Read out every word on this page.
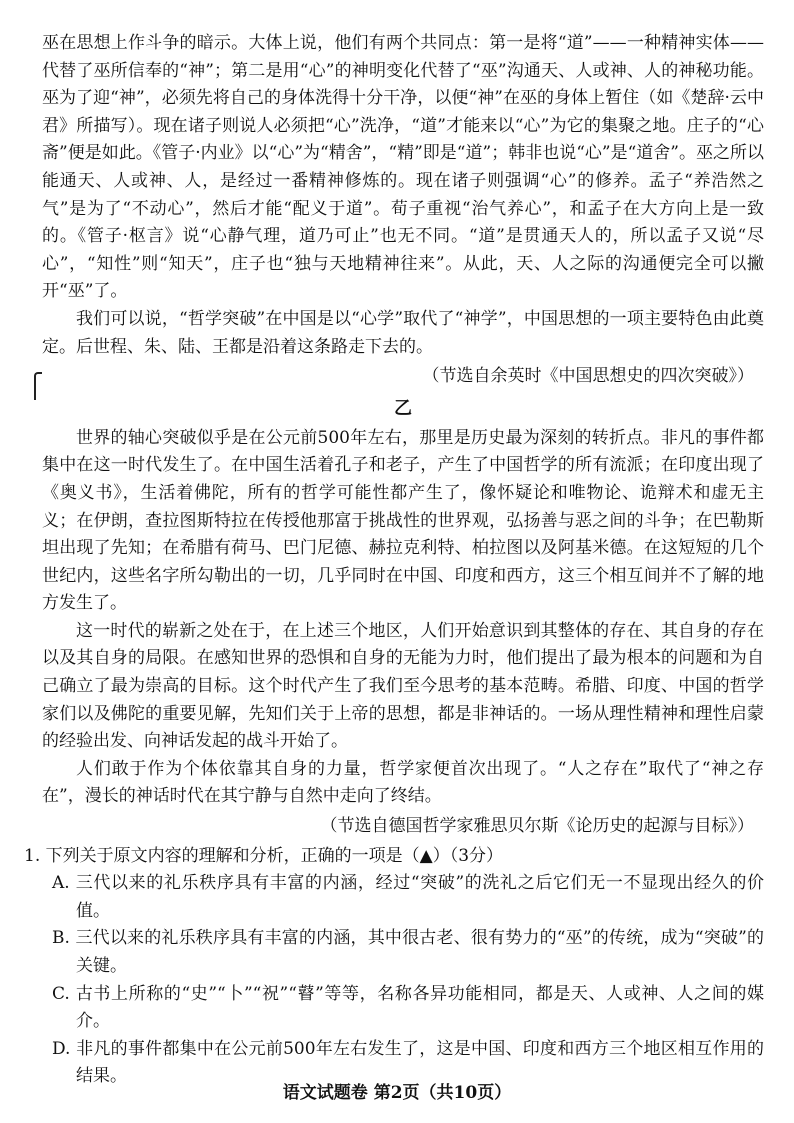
巫在思想上作斗争的暗示。大体上说，他们有两个共同点：第一是将“道”——一种精神实体——代替了巫所信奉的“神”；第二是用“心”的神明变化代替了“巫”沟通天、人或神、人的神秘功能。巫为了迎“神”，必须先将自己的身体洗得十分干净，以便“神”在巫的身体上暂住（如《楚辞·云中君》所描写）。现在诸子则说人必须把“心”洗净，“道”才能来以“心”为它的集聚之地。庄子的“心斋”便是如此。《管子·内业》以“心”为“精舍”，“精”即是“道”；韩非也说“心”是“道舍”。巫之所以能通天、人或神、人，是经过一番精神修炼的。现在诸子则强调“心”的修养。孟子“养浩然之气”是为了“不动心”，然后才能“配义于道”。荀子重视“治气养心”，和孟子在大方向上是一致的。《管子·枢言》说“心静气理，道乃可止”也无不同。“道”是贯通天人的，所以孟子又说“尽心”，“知性”则“知天”，庄子也“独与天地精神往来”。从此，天、人之际的沟通便完全可以撇开“巫”了。

我们可以说，“哲学突破”在中国是以“心学”取代了“神学”，中国思想的一项主要特色由此奠定。后世程、朱、陆、王都是沿着这条路走下去的。

（节选自余英时《中国思想史的四次突破》）

乙

世界的轴心突破似乎是在公元前500年左右，那里是历史最为深刻的转折点。非凡的事件都集中在这一时代发生了。在中国生活着孔子和老子，产生了中国哲学的所有流派；在印度出现了《奥义书》，生活着佛陀，所有的哲学可能性都产生了，像怀疑论和唯物论、诡辩术和虚无主义；在伊朗，查拉图斯特拉在传授他那富于挑战性的世界观，弘扬善与恶之间的斗争；在巴勒斯坦出现了先知；在希腊有荷马、巴门尼德、赫拉克利特、柏拉图以及阿基米德。在这短短的几个世纪内，这些名字所勾勒出的一切，几乎同时在中国、印度和西方，这三个相互间并不了解的地方发生了。

这一时代的崭新之处在于，在上述三个地区，人们开始意识到其整体的存在、其自身的存在以及其自身的局限。在感知世界的恐惧和自身的无能为力时，他们提出了最为根本的问题和为自己确立了最为崇高的目标。这个时代产生了我们至今思考的基本范畴。希腊、印度、中国的哲学家们以及佛陀的重要见解，先知们关于上帝的思想，都是非神话的。一场从理性精神和理性启蒙的经验出发、向神话发起的战斗开始了。

人们敢于作为个体依靠其自身的力量，哲学家便首次出现了。“人之存在”取代了“神之存在”，漫长的神话时代在其宁静与自然中走向了终结。

（节选自德国哲学家雅思贝尔斯《论历史的起源与目标》）

1. 下列关于原文内容的理解和分析，正确的一项是（▲）（3分）

A. 三代以来的礼乐秩序具有丰富的内涵，经过“突破”的洗礼之后它们无一不显现出经久的价值。

B. 三代以来的礼乐秩序具有丰富的内涵，其中很古老、很有势力的“巫”的传统，成为“突破”的关键。

C. 古书上所称的“史”“卜”“祝”“瞽”等等，名称各异功能相同，都是天、人或神、人之间的媒介。

D. 非凡的事件都集中在公元前500年左右发生了，这是中国、印度和西方三个地区相互作用的结果。

语文试题卷 第2页（共10页）
